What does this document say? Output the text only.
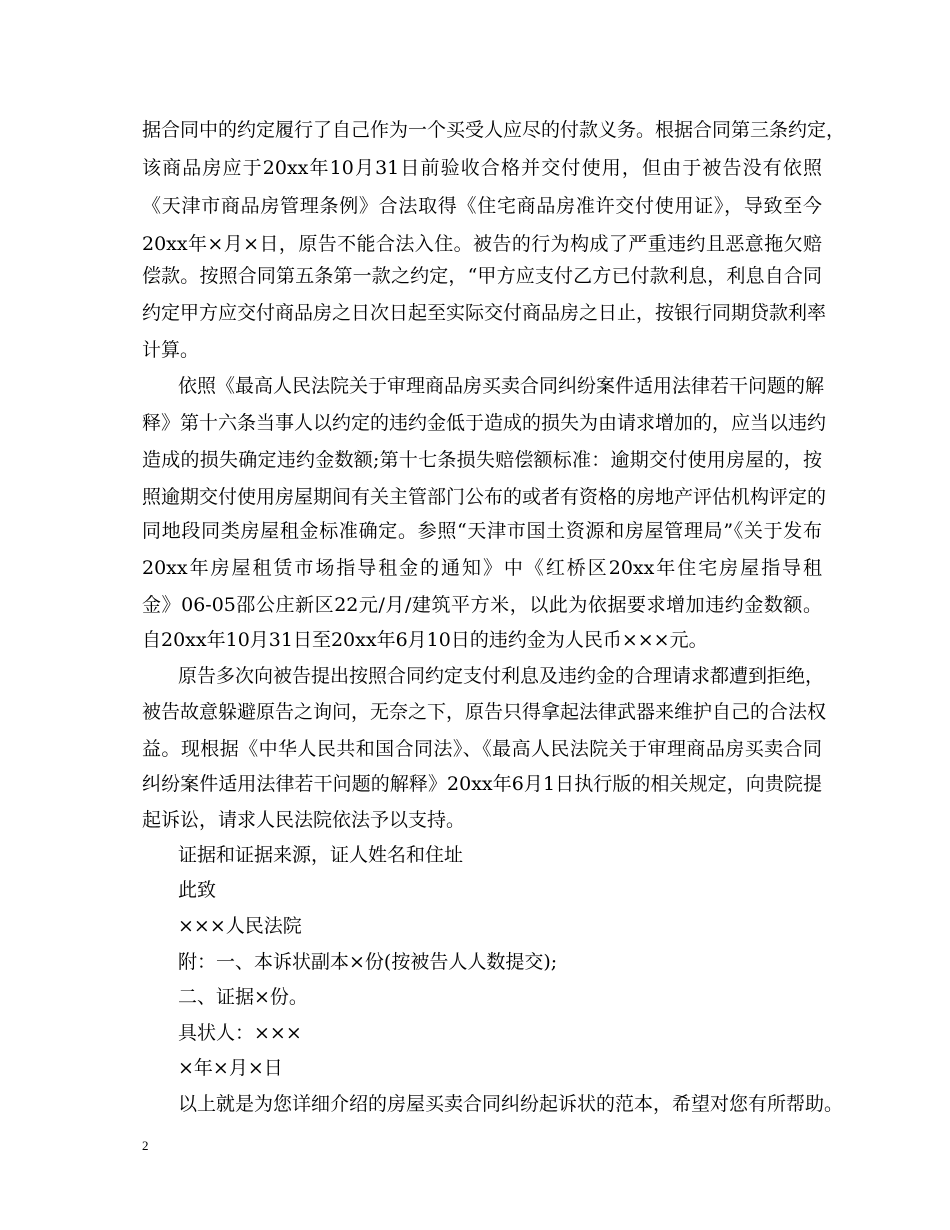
据合同中的约定履行了自己作为一个买受人应尽的付款义务。根据合同第三条约定，
该商品房应于20xx年10月31日前验收合格并交付使用，但由于被告没有依照
《天津市商品房管理条例》合法取得《住宅商品房准许交付使用证》，导致至今
20xx年×月×日，原告不能合法入住。被告的行为构成了严重违约且恶意拖欠赔
偿款。按照合同第五条第一款之约定，“甲方应支付乙方已付款利息，利息自合同
约定甲方应交付商品房之日次日起至实际交付商品房之日止，按银行同期贷款利率
计算。
依照《最高人民法院关于审理商品房买卖合同纠纷案件适用法律若干问题的解
释》第十六条当事人以约定的违约金低于造成的损失为由请求增加的，应当以违约
造成的损失确定违约金数额;第十七条损失赔偿额标准：逾期交付使用房屋的，按
照逾期交付使用房屋期间有关主管部门公布的或者有资格的房地产评估机构评定的
同地段同类房屋租金标准确定。参照“天津市国土资源和房屋管理局”《关于发布
20xx年房屋租赁市场指导租金的通知》中《红桥区20xx年住宅房屋指导租
金》06-05邵公庄新区22元/月/建筑平方米，以此为依据要求增加违约金数额。
自20xx年10月31日至20xx年6月10日的违约金为人民币×××元。
原告多次向被告提出按照合同约定支付利息及违约金的合理请求都遭到拒绝，
被告故意躲避原告之询问，无奈之下，原告只得拿起法律武器来维护自己的合法权
益。现根据《中华人民共和国合同法》、《最高人民法院关于审理商品房买卖合同
纠纷案件适用法律若干问题的解释》20xx年6月1日执行版的相关规定，向贵院提
起诉讼，请求人民法院依法予以支持。
证据和证据来源，证人姓名和住址
此致
×××人民法院
附：一、本诉状副本×份(按被告人人数提交);
二、证据×份。
具状人：×××
×年×月×日
以上就是为您详细介绍的房屋买卖合同纠纷起诉状的范本，希望对您有所帮助。
2
